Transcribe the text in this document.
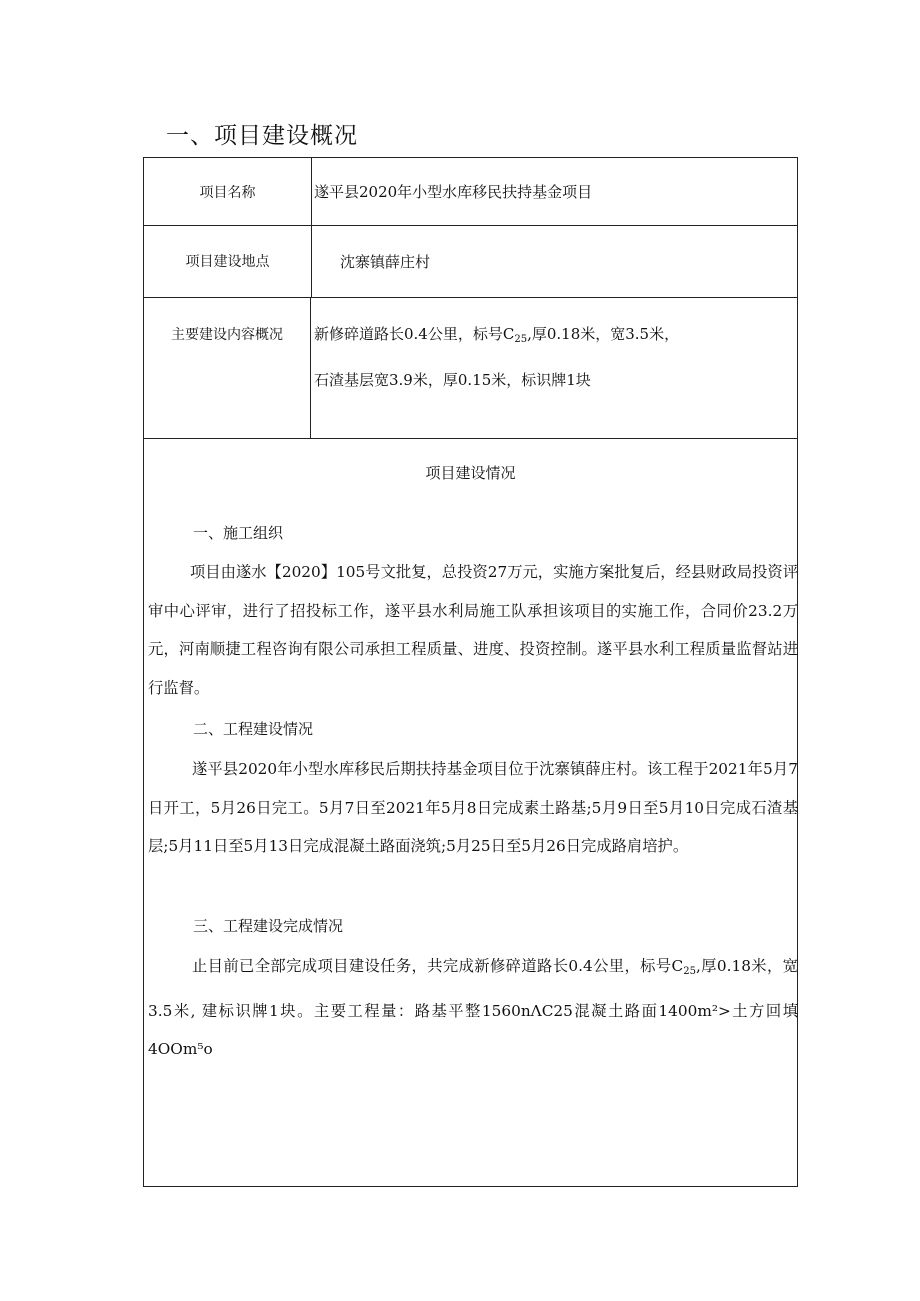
一、项目建设概况
项目名称	遂平县2020年小型水库移民扶持基金项目
项目建设地点	沈寨镇薛庄村
主要建设内容概况	新修碎道路长0.4公里，标号$C_{25}$,厚0.18米，宽3.5米，
石渣基层宽3.9米，厚0.15米，标识牌1块
项目建设情况
一、施工组织
项目由遂水【2020】105号文批复，总投资27万元，实施方案批复后，经县财政局投资评审中心评审，进行了招投标工作，遂平县水利局施工队承担该项目的实施工作，合同价23.2万元，河南顺捷工程咨询有限公司承担工程质量、进度、投资控制。遂平县水利工程质量监督站进行监督。
二、工程建设情况
遂平县2020年小型水库移民后期扶持基金项目位于沈寨镇薛庄村。该工程于2021年5月7日开工，5月26日完工。5月7日至2021年5月8日完成素土路基;5月9日至5月10日完成石渣基层;5月11日至5月13日完成混凝土路面浇筑;5月25日至5月26日完成路肩培护。
三、工程建设完成情况
止目前已全部完成项目建设任务，共完成新修碎道路长0.4公里，标号$C_{25}$,厚0.18米，宽3.5米, 建标识牌1块。主要工程量：路基平整1560nΛC25混凝土路面1400m²>土方回填4OOm⁵o
